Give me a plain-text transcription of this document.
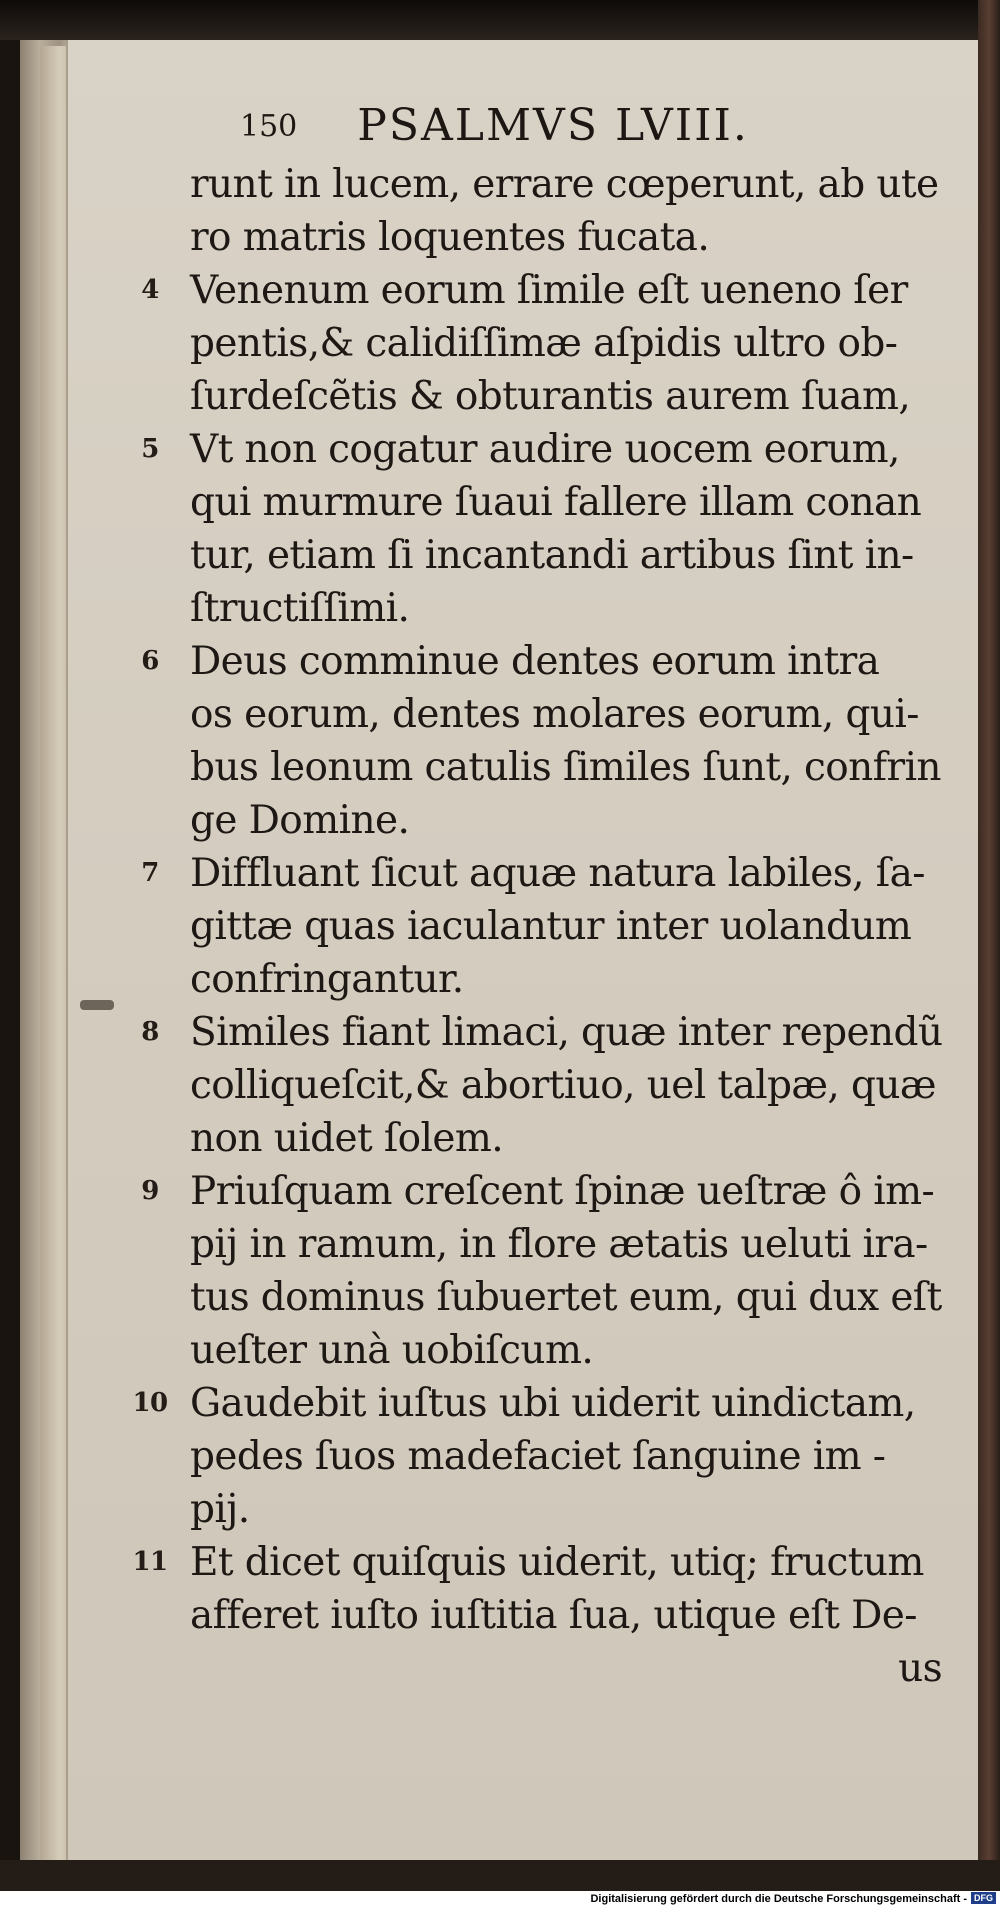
150 PSALMVS LVIII.
runt in lucem, errare cœperunt, ab ute
ro matris loquentes fucata.
4 Venenum eorum ſimile eſt ueneno ſer
pentis,& calidiſſimæ aſpidis ultro ob-
ſurdeſcẽtis & obturantis aurem ſuam,
5 Vt non cogatur audire uocem eorum,
qui murmure ſuaui fallere illam conan
tur, etiam ſi incantandi artibus ſint in-
ſtructiſſimi.
6 Deus comminue dentes eorum intra
os eorum, dentes molares eorum, qui-
bus leonum catulis ſimiles ſunt, confrin
ge Domine.
7 Diffluant ſicut aquæ natura labiles, ſa-
gittæ quas iaculantur inter uolandum
confringantur.
8 Similes fiant limaci, quæ inter rependũ
colliqueſcit,& abortiuo, uel talpæ, quæ
non uidet ſolem.
9 Priuſquam creſcent ſpinæ ueſtræ ô im-
pij in ramum, in flore ætatis ueluti ira-
tus dominus ſubuertet eum, qui dux eſt
ueſter unà uobiſcum.
10 Gaudebit iuſtus ubi uiderit uindictam,
pedes ſuos madefaciet ſanguine im -
pij.
11 Et dicet quiſquis uiderit, utiq; fructum
afferet iuſto iuſtitia ſua, utique eſt De-
us
Digitalisierung gefördert durch die Deutsche Forschungsgemeinschaft - DFG
